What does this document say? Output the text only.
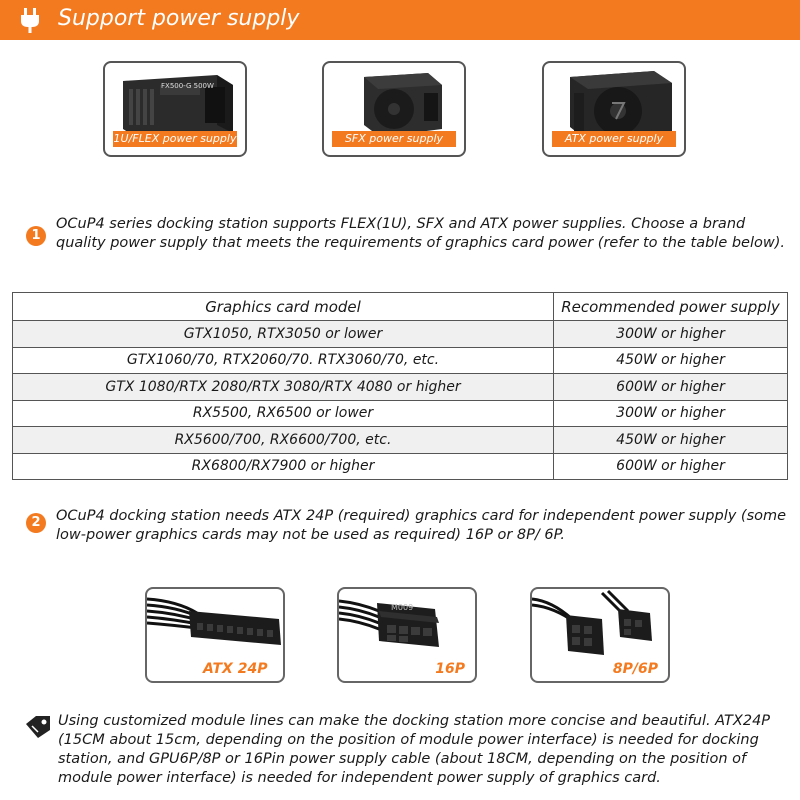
Support power supply
FX500-G 500W
1U/FLEX power supply	SFX power supply	ATX power supply
1
OCuP4 series docking station supports FLEX(1U), SFX and ATX power supplies. Choose a brand quality power supply that meets the requirements of graphics card power (refer to the table below).
Graphics card model	Recommended power supply
GTX1050, RTX3050 or lower	300W or higher
GTX1060/70, RTX2060/70. RTX3060/70, etc.	450W or higher
GTX 1080/RTX 2080/RTX 3080/RTX 4080 or higher	600W or higher
RX5500, RX6500 or lower	300W or higher
RX5600/700, RX6600/700, etc.	450W or higher
RX6800/RX7900 or higher	600W or higher
2	OCuP4 docking station needs ATX 24P (required) graphics card for independent power supply (some low-power graphics cards may not be used as required) 16P or 8P/ 6P.
ATX 24P
M009
16P	8P/6P
Using customized module lines can make the docking station more concise and beautiful. ATX24P (15CM about 15cm, depending on the position of module power interface) is needed for docking station, and GPU6P/8P or 16Pin power supply cable (about 18CM, depending on the position of module power interface) is needed for independent power supply of graphics card.
